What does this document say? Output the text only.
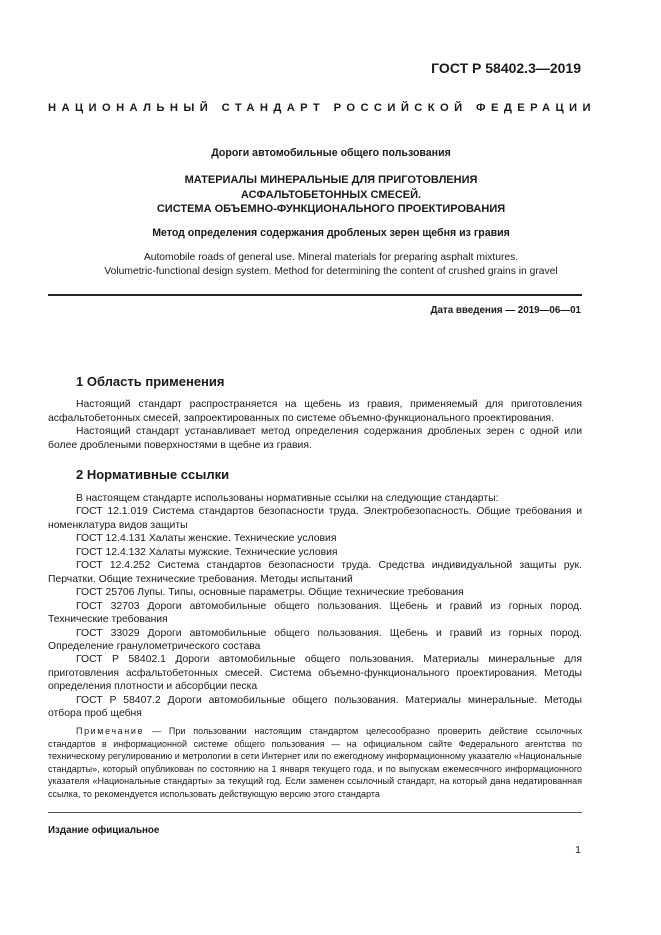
ГОСТ Р 58402.3—2019
НАЦИОНАЛЬНЫЙ СТАНДАРТ РОССИЙСКОЙ ФЕДЕРАЦИИ
Дороги автомобильные общего пользования
МАТЕРИАЛЫ МИНЕРАЛЬНЫЕ ДЛЯ ПРИГОТОВЛЕНИЯ
АСФАЛЬТОБЕТОННЫХ СМЕСЕЙ.
СИСТЕМА ОБЪЕМНО-ФУНКЦИОНАЛЬНОГО ПРОЕКТИРОВАНИЯ
Метод определения содержания дробленых зерен щебня из гравия
Automobile roads of general use. Mineral materials for preparing asphalt mixtures.
Volumetric-functional design system. Method for determining the content of crushed grains in gravel
Дата введения — 2019—06—01
1 Область применения
Настоящий стандарт распространяется на щебень из гравия, применяемый для приготовления асфальтобетонных смесей, запроектированных по системе объемно-функционального проектирования.
Настоящий стандарт устанавливает метод определения содержания дробленых зерен с одной или более дроблеными поверхностями в щебне из гравия.
2 Нормативные ссылки
В настоящем стандарте использованы нормативные ссылки на следующие стандарты:
ГОСТ 12.1.019 Система стандартов безопасности труда. Электробезопасность. Общие требования и номенклатура видов защиты
ГОСТ 12.4.131 Халаты женские. Технические условия
ГОСТ 12.4.132 Халаты мужские. Технические условия
ГОСТ 12.4.252 Система стандартов безопасности труда. Средства индивидуальной защиты рук. Перчатки. Общие технические требования. Методы испытаний
ГОСТ 25706 Лупы. Типы, основные параметры. Общие технические требования
ГОСТ 32703 Дороги автомобильные общего пользования. Щебень и гравий из горных пород. Технические требования
ГОСТ 33029 Дороги автомобильные общего пользования. Щебень и гравий из горных пород. Определение гранулометрического состава
ГОСТ Р 58402.1 Дороги автомобильные общего пользования. Материалы минеральные для приготовления асфальтобетонных смесей. Система объемно-функционального проектирования. Методы определения плотности и абсорбции песка
ГОСТ Р 58407.2 Дороги автомобильные общего пользования. Материалы минеральные. Методы отбора проб щебня
Примечание — При пользовании настоящим стандартом целесообразно проверить действие ссылочных стандартов в информационной системе общего пользования — на официальном сайте Федерального агентства по техническому регулированию и метрологии в сети Интернет или по ежегодному информационному указателю «Национальные стандарты», который опубликован по состоянию на 1 января текущего года, и по выпускам ежемесячного информационного указателя «Национальные стандарты» за текущий год. Если заменен ссылочный стандарт, на который дана недатированная ссылка, то рекомендуется использовать действующую версию этого стандарта
Издание официальное
1
